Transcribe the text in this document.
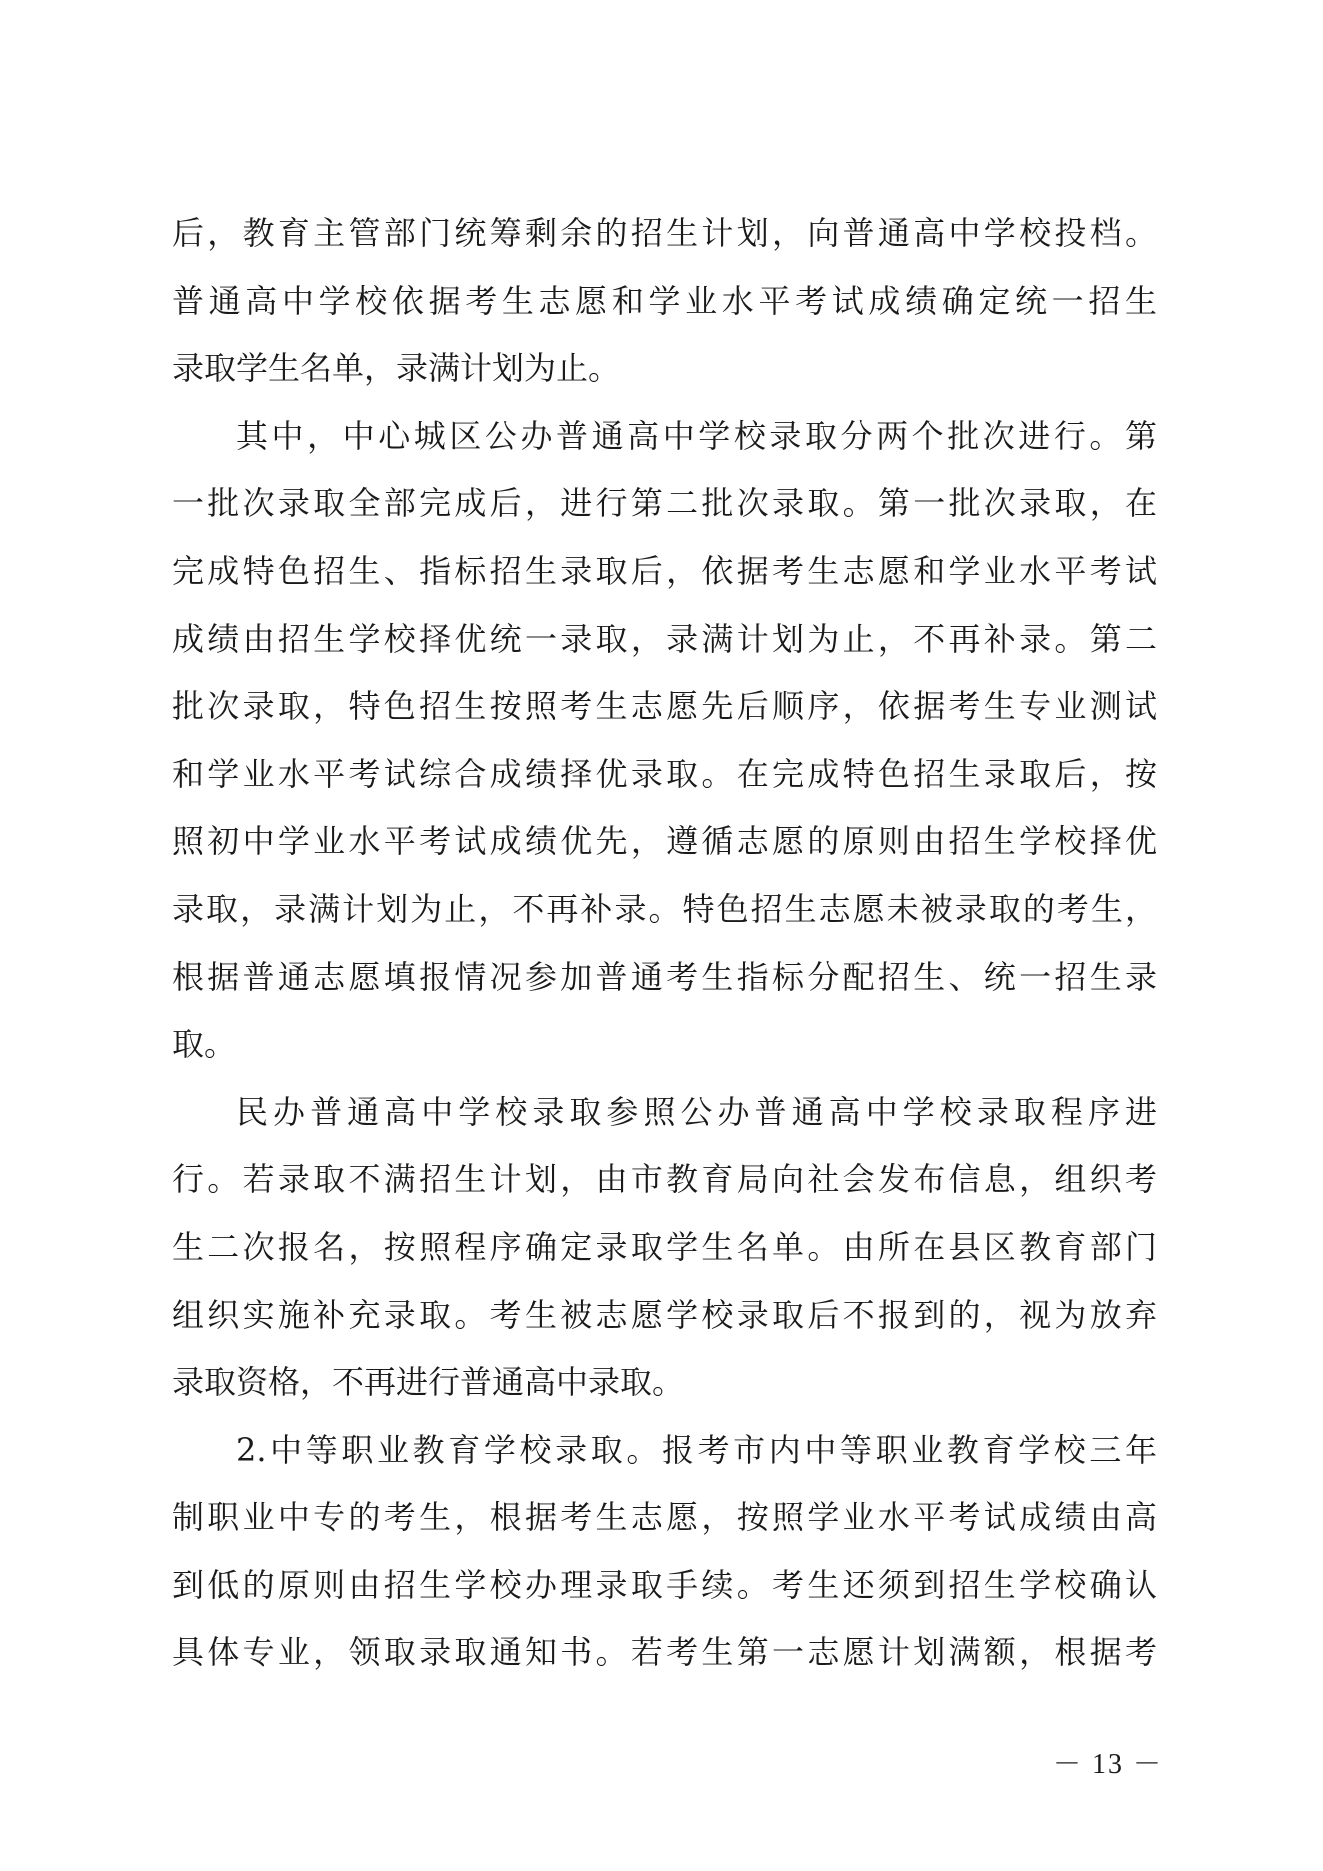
后，教育主管部门统筹剩余的招生计划，向普通高中学校投档。
普通高中学校依据考生志愿和学业水平考试成绩确定统一招生
录取学生名单，录满计划为止。
其中，中心城区公办普通高中学校录取分两个批次进行。第
一批次录取全部完成后，进行第二批次录取。第一批次录取，在
完成特色招生、指标招生录取后，依据考生志愿和学业水平考试
成绩由招生学校择优统一录取，录满计划为止，不再补录。第二
批次录取，特色招生按照考生志愿先后顺序，依据考生专业测试
和学业水平考试综合成绩择优录取。在完成特色招生录取后，按
照初中学业水平考试成绩优先，遵循志愿的原则由招生学校择优
录取，录满计划为止，不再补录。特色招生志愿未被录取的考生，
根据普通志愿填报情况参加普通考生指标分配招生、统一招生录
取。
民办普通高中学校录取参照公办普通高中学校录取程序进
行。若录取不满招生计划，由市教育局向社会发布信息，组织考
生二次报名，按照程序确定录取学生名单。由所在县区教育部门
组织实施补充录取。考生被志愿学校录取后不报到的，视为放弃
录取资格，不再进行普通高中录取。
2.中等职业教育学校录取。报考市内中等职业教育学校三年
制职业中专的考生，根据考生志愿，按照学业水平考试成绩由高
到低的原则由招生学校办理录取手续。考生还须到招生学校确认
具体专业，领取录取通知书。若考生第一志愿计划满额，根据考
－ 13 －
